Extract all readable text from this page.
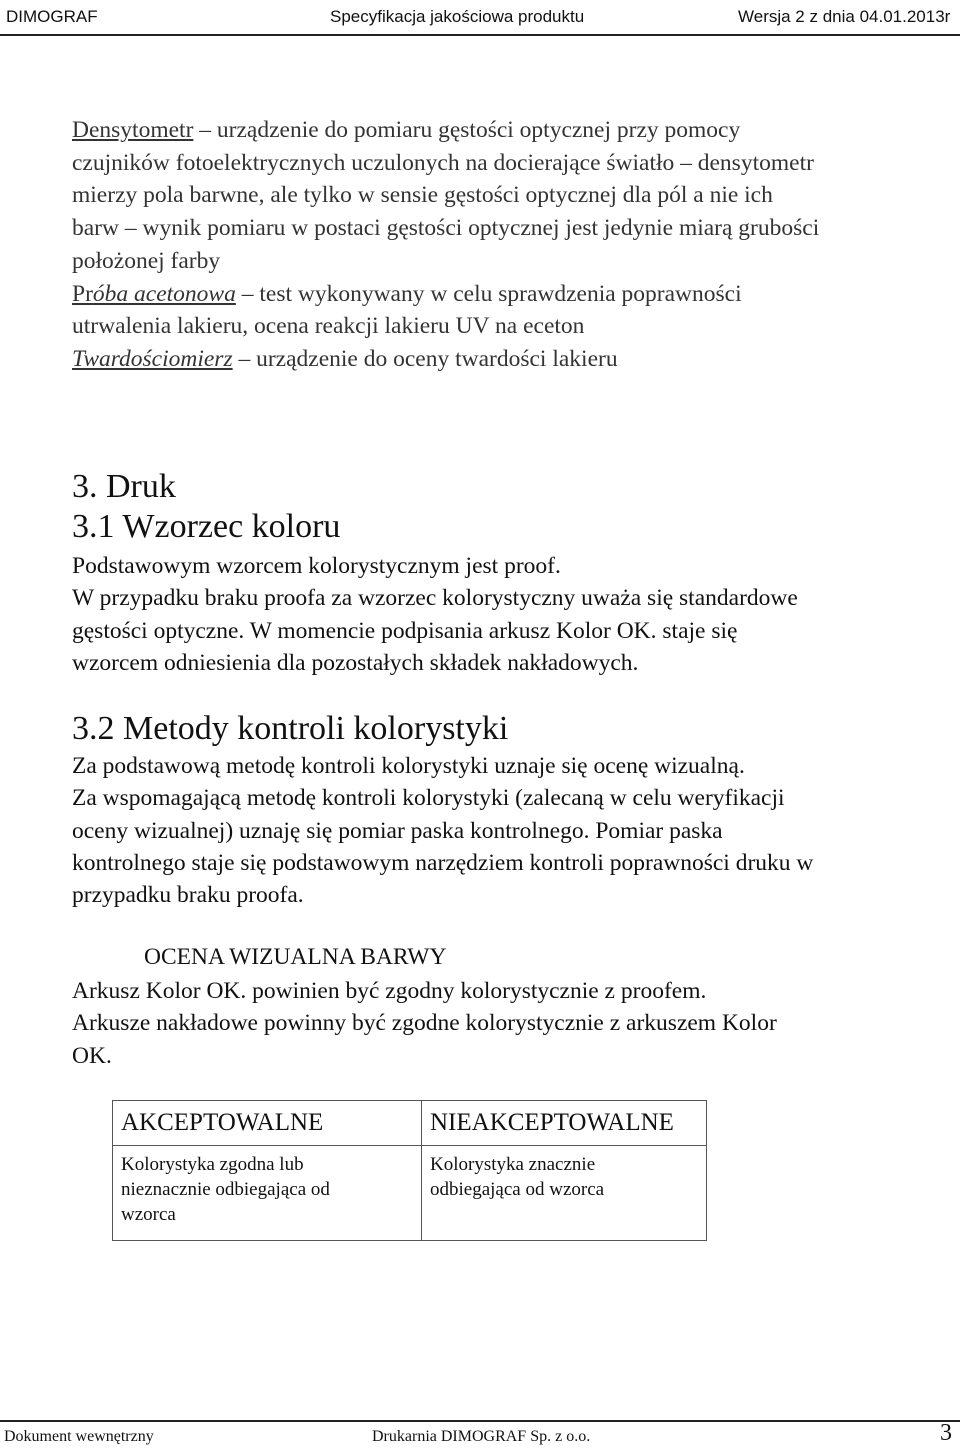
DIMOGRAF	Specyfikacja jakościowa produktu	Wersja 2 z dnia 04.01.2013r
Densytometr – urządzenie do pomiaru gęstości optycznej przy pomocy
czujników fotoelektrycznych uczulonych na docierające światło – densytometr
mierzy pola barwne, ale tylko w sensie gęstości optycznej dla pól a nie ich
barw – wynik pomiaru w postaci gęstości optycznej jest jedynie miarą grubości
położonej farby
Próba acetonowa – test wykonywany w celu sprawdzenia poprawności
utrwalenia lakieru, ocena reakcji lakieru UV na eceton
Twardościomierz – urządzenie do oceny twardości lakieru
3. Druk
3.1 Wzorzec koloru
Podstawowym wzorcem kolorystycznym jest proof.
W przypadku braku proofa za wzorzec kolorystyczny uważa się standardowe
gęstości optyczne. W momencie podpisania arkusz Kolor OK. staje się
wzorcem odniesienia dla pozostałych składek nakładowych.
3.2 Metody kontroli kolorystyki
Za podstawową metodę kontroli kolorystyki uznaje się ocenę wizualną.
Za wspomagającą metodę kontroli kolorystyki (zalecaną w celu weryfikacji
oceny wizualnej) uznaję się pomiar paska kontrolnego. Pomiar paska
kontrolnego staje się podstawowym narzędziem kontroli poprawności druku w
przypadku braku proofa.
OCENA WIZUALNA BARWY
Arkusz Kolor OK. powinien być zgodny kolorystycznie z proofem.
Arkusze nakładowe powinny być zgodne kolorystycznie z arkuszem Kolor
OK.
AKCEPTOWALNE	NIEAKCEPTOWALNE

Kolorystyka zgodna lub
nieznacznie odbiegająca od
wzorca	Kolorystyka znacznie
odbiegająca od wzorca
Dokument wewnętrzny	Drukarnia DIMOGRAF Sp. z o.o.	3
